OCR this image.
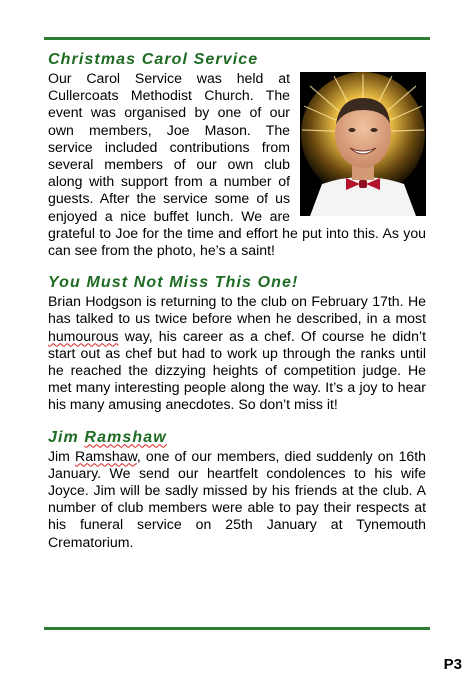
Christmas Carol Service

Our Carol Service was held at Cullercoats Methodist Church. The event was organised by one of our own members, Joe Mason. The service included contributions from several members of our own club along with support from a number of guests. After the service some of us enjoyed a nice buffet lunch. We are grateful to Joe for the time and effort he put into this. As you can see from the photo, he’s a saint!

You Must Not Miss This One!

Brian Hodgson is returning to the club on February 17th. He has talked to us twice before when he described, in a most humourous way, his career as a chef. Of course he didn’t start out as chef but had to work up through the ranks until he reached the dizzying heights of competition judge. He met many interesting people along the way. It’s a joy to hear his many amusing anecdotes. So don’t miss it!

Jim Ramshaw

Jim Ramshaw, one of our members, died suddenly on 16th January. We send our heartfelt condolences to his wife Joyce. Jim will be sadly missed by his friends at the club. A number of club members were able to pay their respects at his funeral service on 25th January at Tynemouth Crematorium.

P3
